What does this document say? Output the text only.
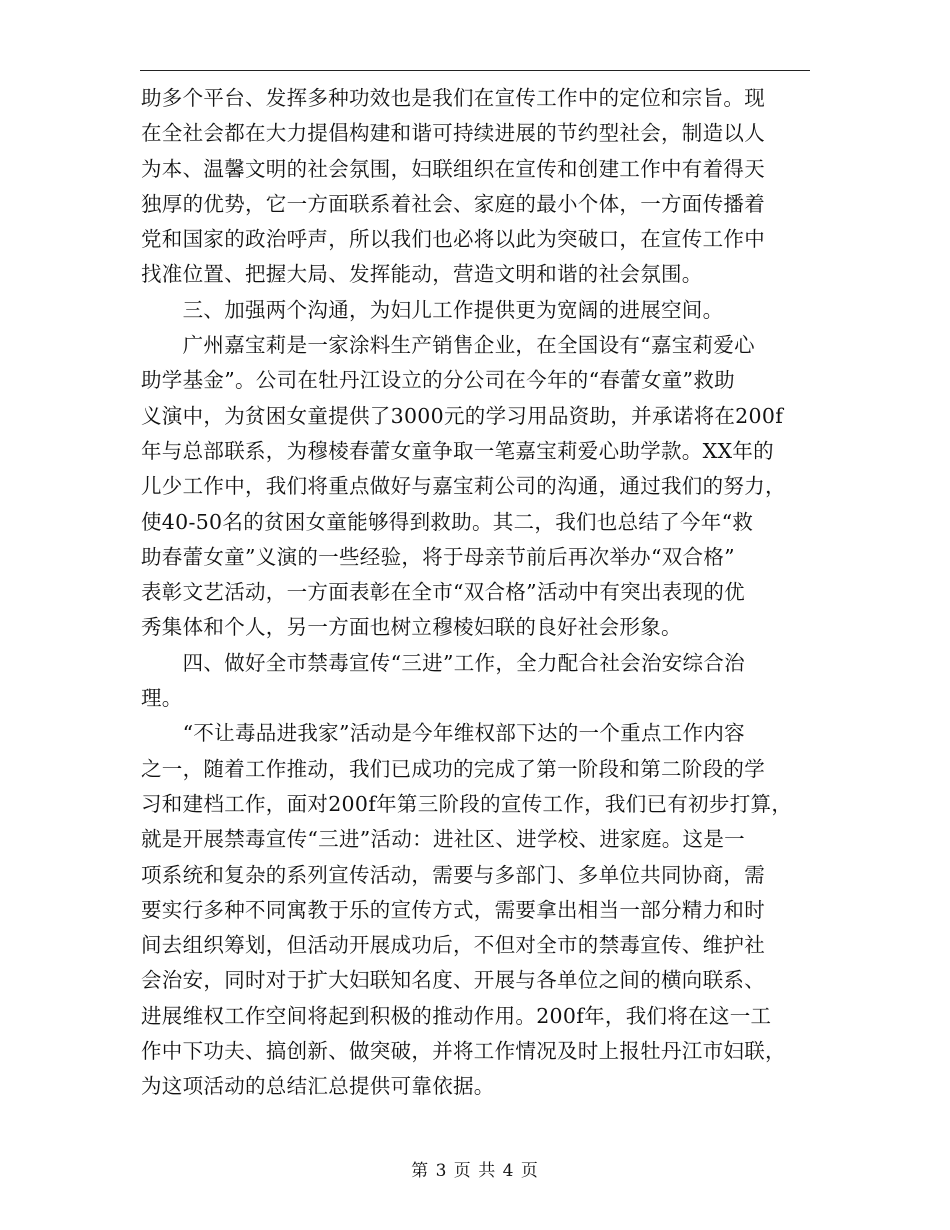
助多个平台、发挥多种功效也是我们在宣传工作中的定位和宗旨。现
在全社会都在大力提倡构建和谐可持续进展的节约型社会，制造以人
为本、温馨文明的社会氛围，妇联组织在宣传和创建工作中有着得天
独厚的优势，它一方面联系着社会、家庭的最小个体，一方面传播着
党和国家的政治呼声，所以我们也必将以此为突破口，在宣传工作中
找准位置、把握大局、发挥能动，营造文明和谐的社会氛围。
　　三、加强两个沟通，为妇儿工作提供更为宽阔的进展空间。
　　广州嘉宝莉是一家涂料生产销售企业，在全国设有“嘉宝莉爱心
助学基金”。公司在牡丹江设立的分公司在今年的“春蕾女童”救助
义演中，为贫困女童提供了3000元的学习用品资助，并承诺将在200f
年与总部联系，为穆棱春蕾女童争取一笔嘉宝莉爱心助学款。XX年的
儿少工作中，我们将重点做好与嘉宝莉公司的沟通，通过我们的努力，
使40-50名的贫困女童能够得到救助。其二，我们也总结了今年“救
助春蕾女童”义演的一些经验，将于母亲节前后再次举办“双合格”
表彰文艺活动，一方面表彰在全市“双合格”活动中有突出表现的优
秀集体和个人，另一方面也树立穆棱妇联的良好社会形象。
　　四、做好全市禁毒宣传“三进”工作，全力配合社会治安综合治
理。
　　“不让毒品进我家”活动是今年维权部下达的一个重点工作内容
之一，随着工作推动，我们已成功的完成了第一阶段和第二阶段的学
习和建档工作，面对200f年第三阶段的宣传工作，我们已有初步打算，
就是开展禁毒宣传“三进”活动：进社区、进学校、进家庭。这是一
项系统和复杂的系列宣传活动，需要与多部门、多单位共同协商，需
要实行多种不同寓教于乐的宣传方式，需要拿出相当一部分精力和时
间去组织筹划，但活动开展成功后，不但对全市的禁毒宣传、维护社
会治安，同时对于扩大妇联知名度、开展与各单位之间的横向联系、
进展维权工作空间将起到积极的推动作用。200f年，我们将在这一工
作中下功夫、搞创新、做突破，并将工作情况及时上报牡丹江市妇联，
为这项活动的总结汇总提供可靠依据。
第 3 页 共 4 页
